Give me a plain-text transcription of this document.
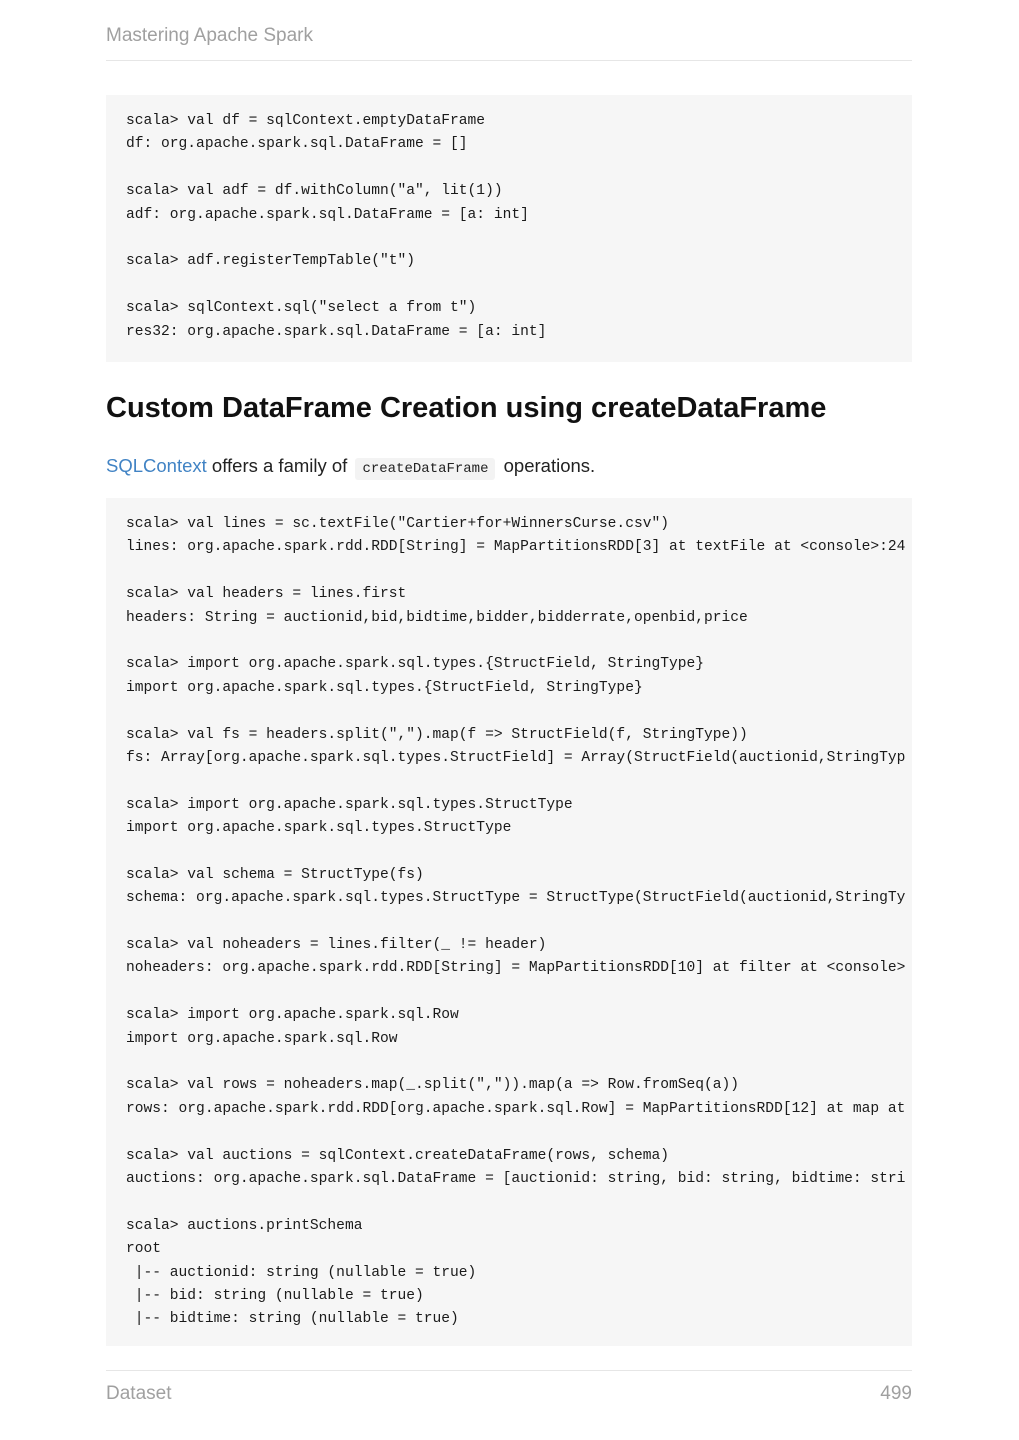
Mastering Apache Spark
scala> val df = sqlContext.emptyDataFrame
df: org.apache.spark.sql.DataFrame = []
scala> val adf = df.withColumn("a", lit(1))
adf: org.apache.spark.sql.DataFrame = [a: int]
scala> adf.registerTempTable("t")
scala> sqlContext.sql("select a from t")
res32: org.apache.spark.sql.DataFrame = [a: int]
Custom DataFrame Creation using createDataFrame

SQLContext offers a family of createDataFrame operations.

scala> val lines = sc.textFile("Cartier+for+WinnersCurse.csv")
lines: org.apache.spark.rdd.RDD[String] = MapPartitionsRDD[3] at textFile at <console>:24
scala> val headers = lines.first
headers: String = auctionid,bid,bidtime,bidder,bidderrate,openbid,price
scala> import org.apache.spark.sql.types.{StructField, StringType}
import org.apache.spark.sql.types.{StructField, StringType}
scala> val fs = headers.split(",").map(f => StructField(f, StringType))
fs: Array[org.apache.spark.sql.types.StructField] = Array(StructField(auctionid,StringTyp
scala> import org.apache.spark.sql.types.StructType
import org.apache.spark.sql.types.StructType
scala> val schema = StructType(fs)
schema: org.apache.spark.sql.types.StructType = StructType(StructField(auctionid,StringTy
scala> val noheaders = lines.filter(_ != header)
noheaders: org.apache.spark.rdd.RDD[String] = MapPartitionsRDD[10] at filter at <console>
scala> import org.apache.spark.sql.Row
import org.apache.spark.sql.Row
scala> val rows = noheaders.map(_.split(",")).map(a => Row.fromSeq(a))
rows: org.apache.spark.rdd.RDD[org.apache.spark.sql.Row] = MapPartitionsRDD[12] at map at
scala> val auctions = sqlContext.createDataFrame(rows, schema)
auctions: org.apache.spark.sql.DataFrame = [auctionid: string, bid: string, bidtime: stri
scala> auctions.printSchema
root
|-- auctionid: string (nullable = true)
|-- bid: string (nullable = true)
|-- bidtime: string (nullable = true)
Dataset	499
